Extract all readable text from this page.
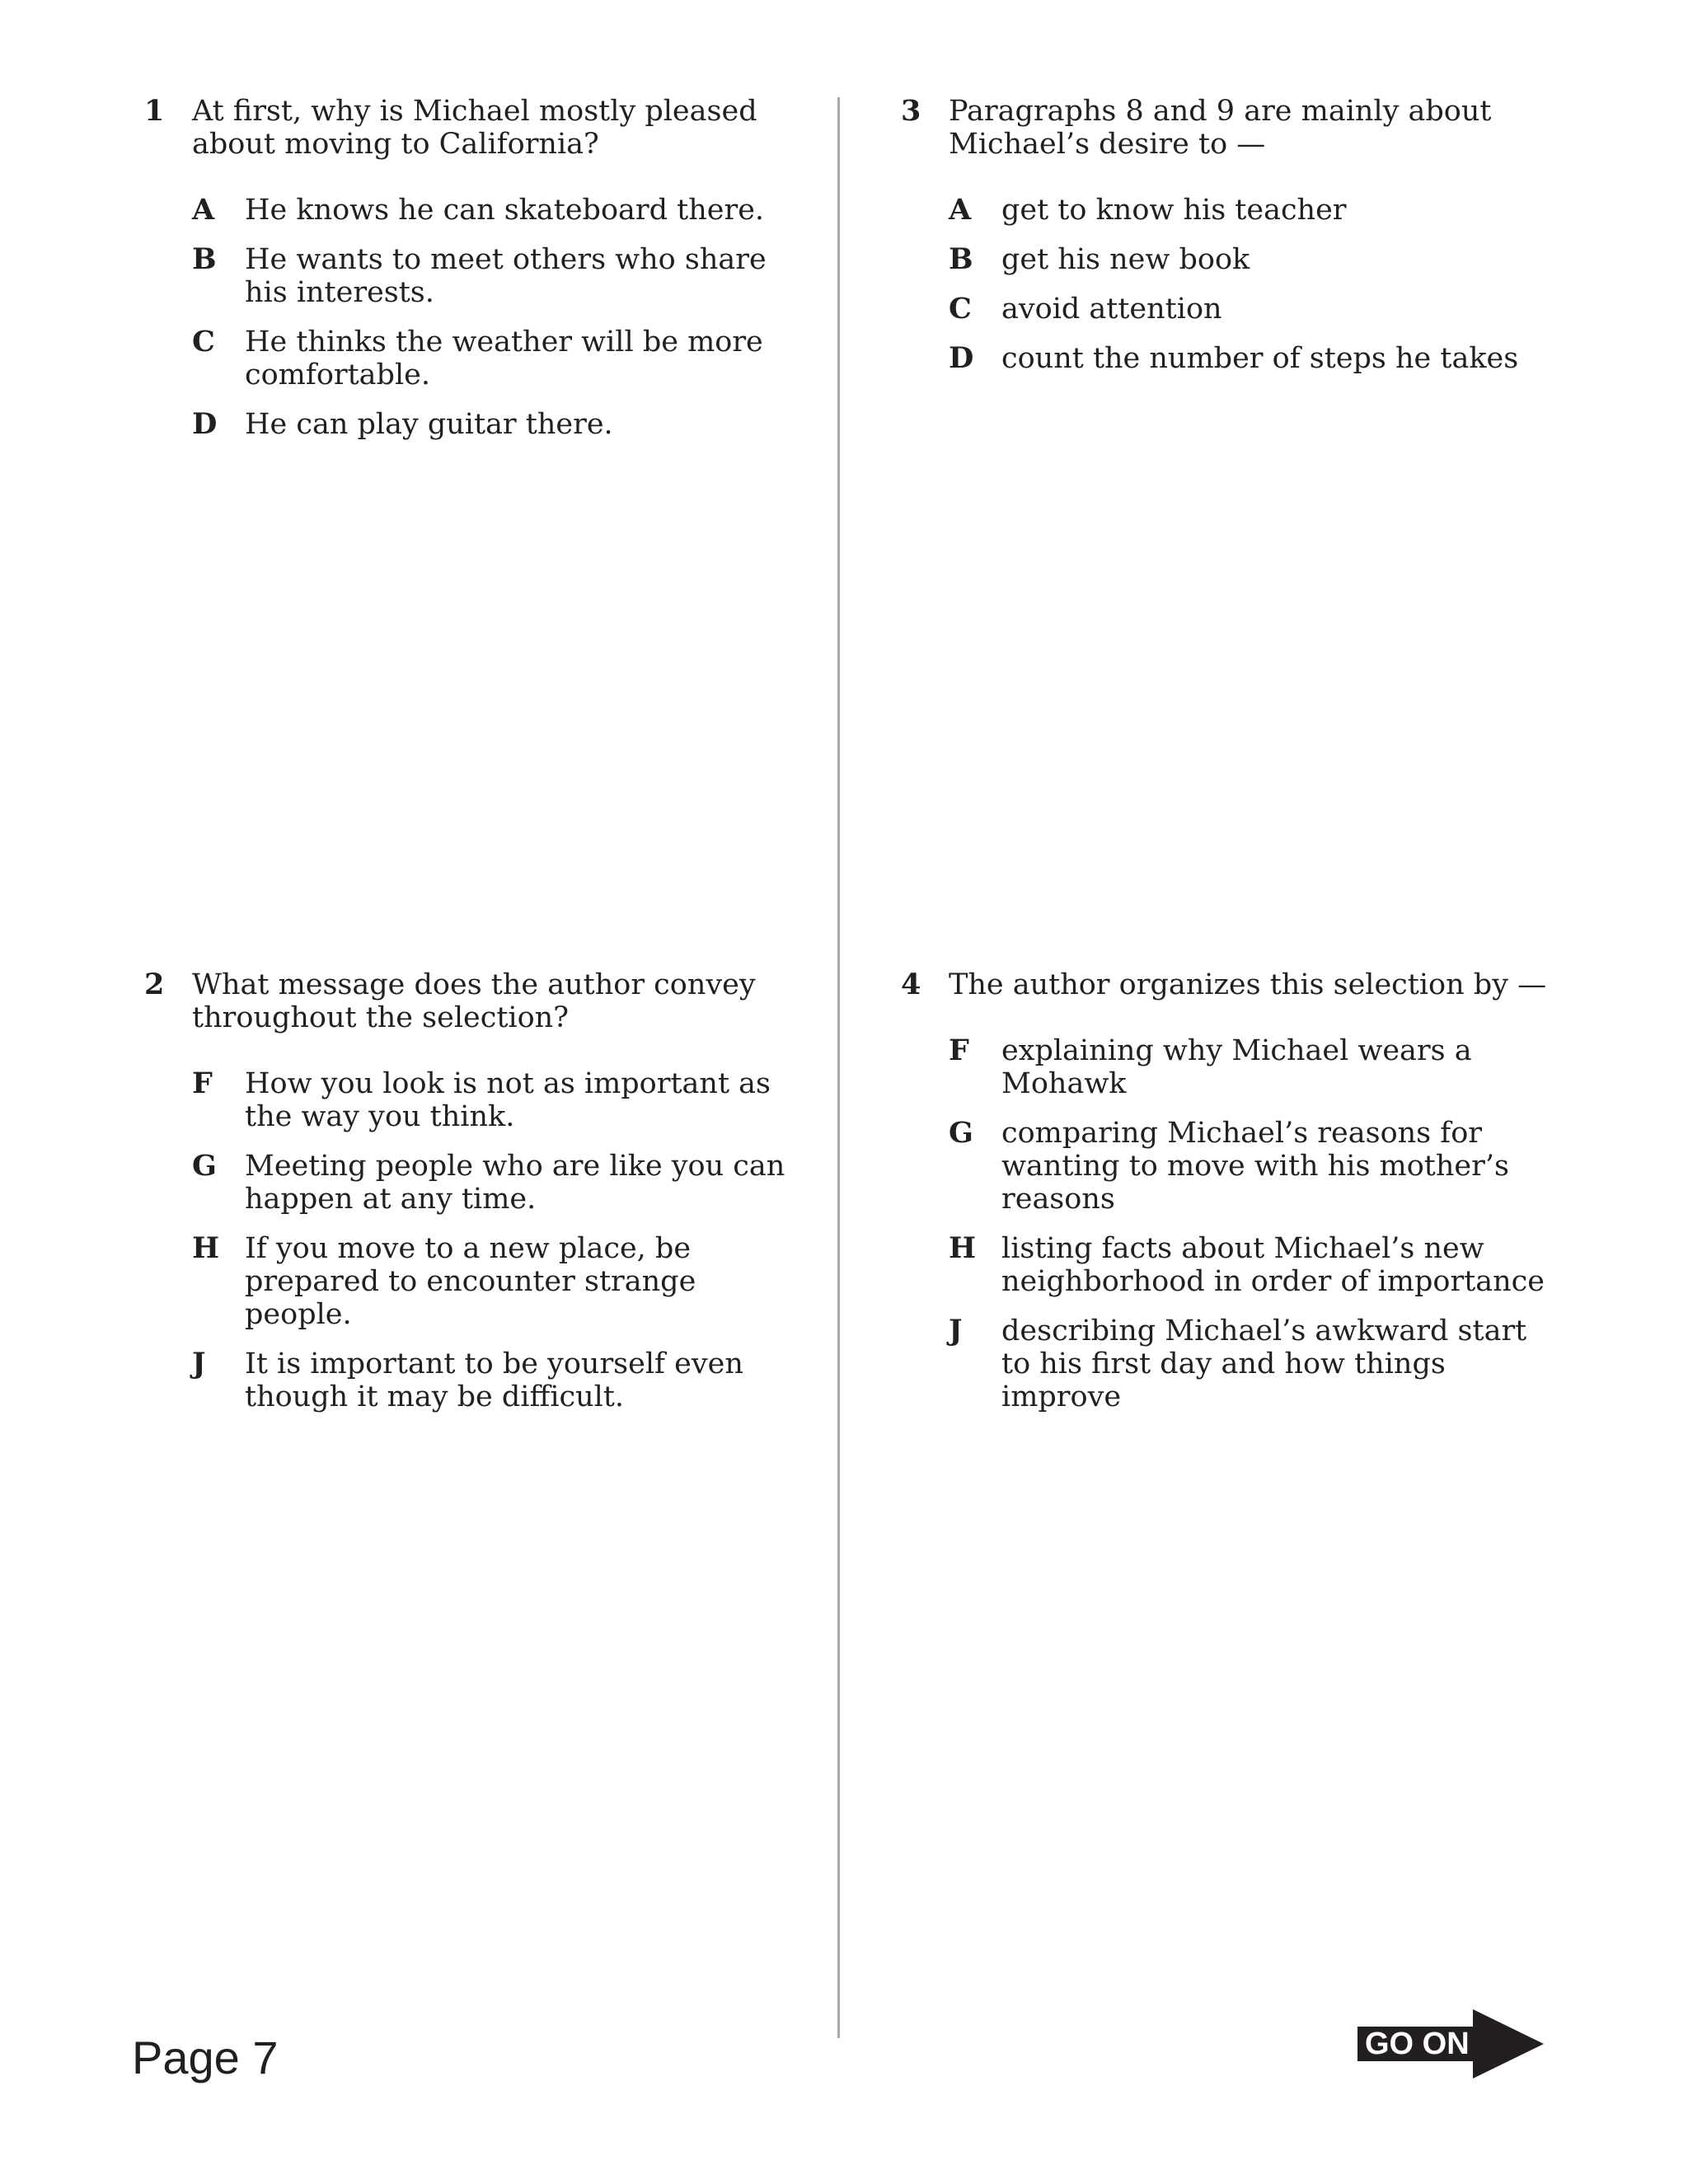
1 At first, why is Michael mostly pleased about moving to California?
A	He knows he can skateboard there.
B He wants to meet others who share his interests.
C	He thinks the weather will be more comfortable.
D He can play guitar there.
2 What message does the author convey throughout the selection?
F	How you look is not as important as the way you think.
G Meeting people who are like you can happen at any time.
H If you move to a new place, be prepared to encounter strange people.
J	It is important to be yourself even though it may be difficult.
3 Paragraphs 8 and 9 are mainly about Michael’s desire to —
A	get to know his teacher
B get his new book
C	avoid attention
D count the number of steps he takes
4 The author organizes this selection by —
F	explaining why Michael wears a Mohawk
G comparing Michael’s reasons for wanting to move with his mother’s reasons
H listing facts about Michael’s new neighborhood in order of importance
J	describing Michael’s awkward start to his first day and how things improve
Page 7	GO ON
